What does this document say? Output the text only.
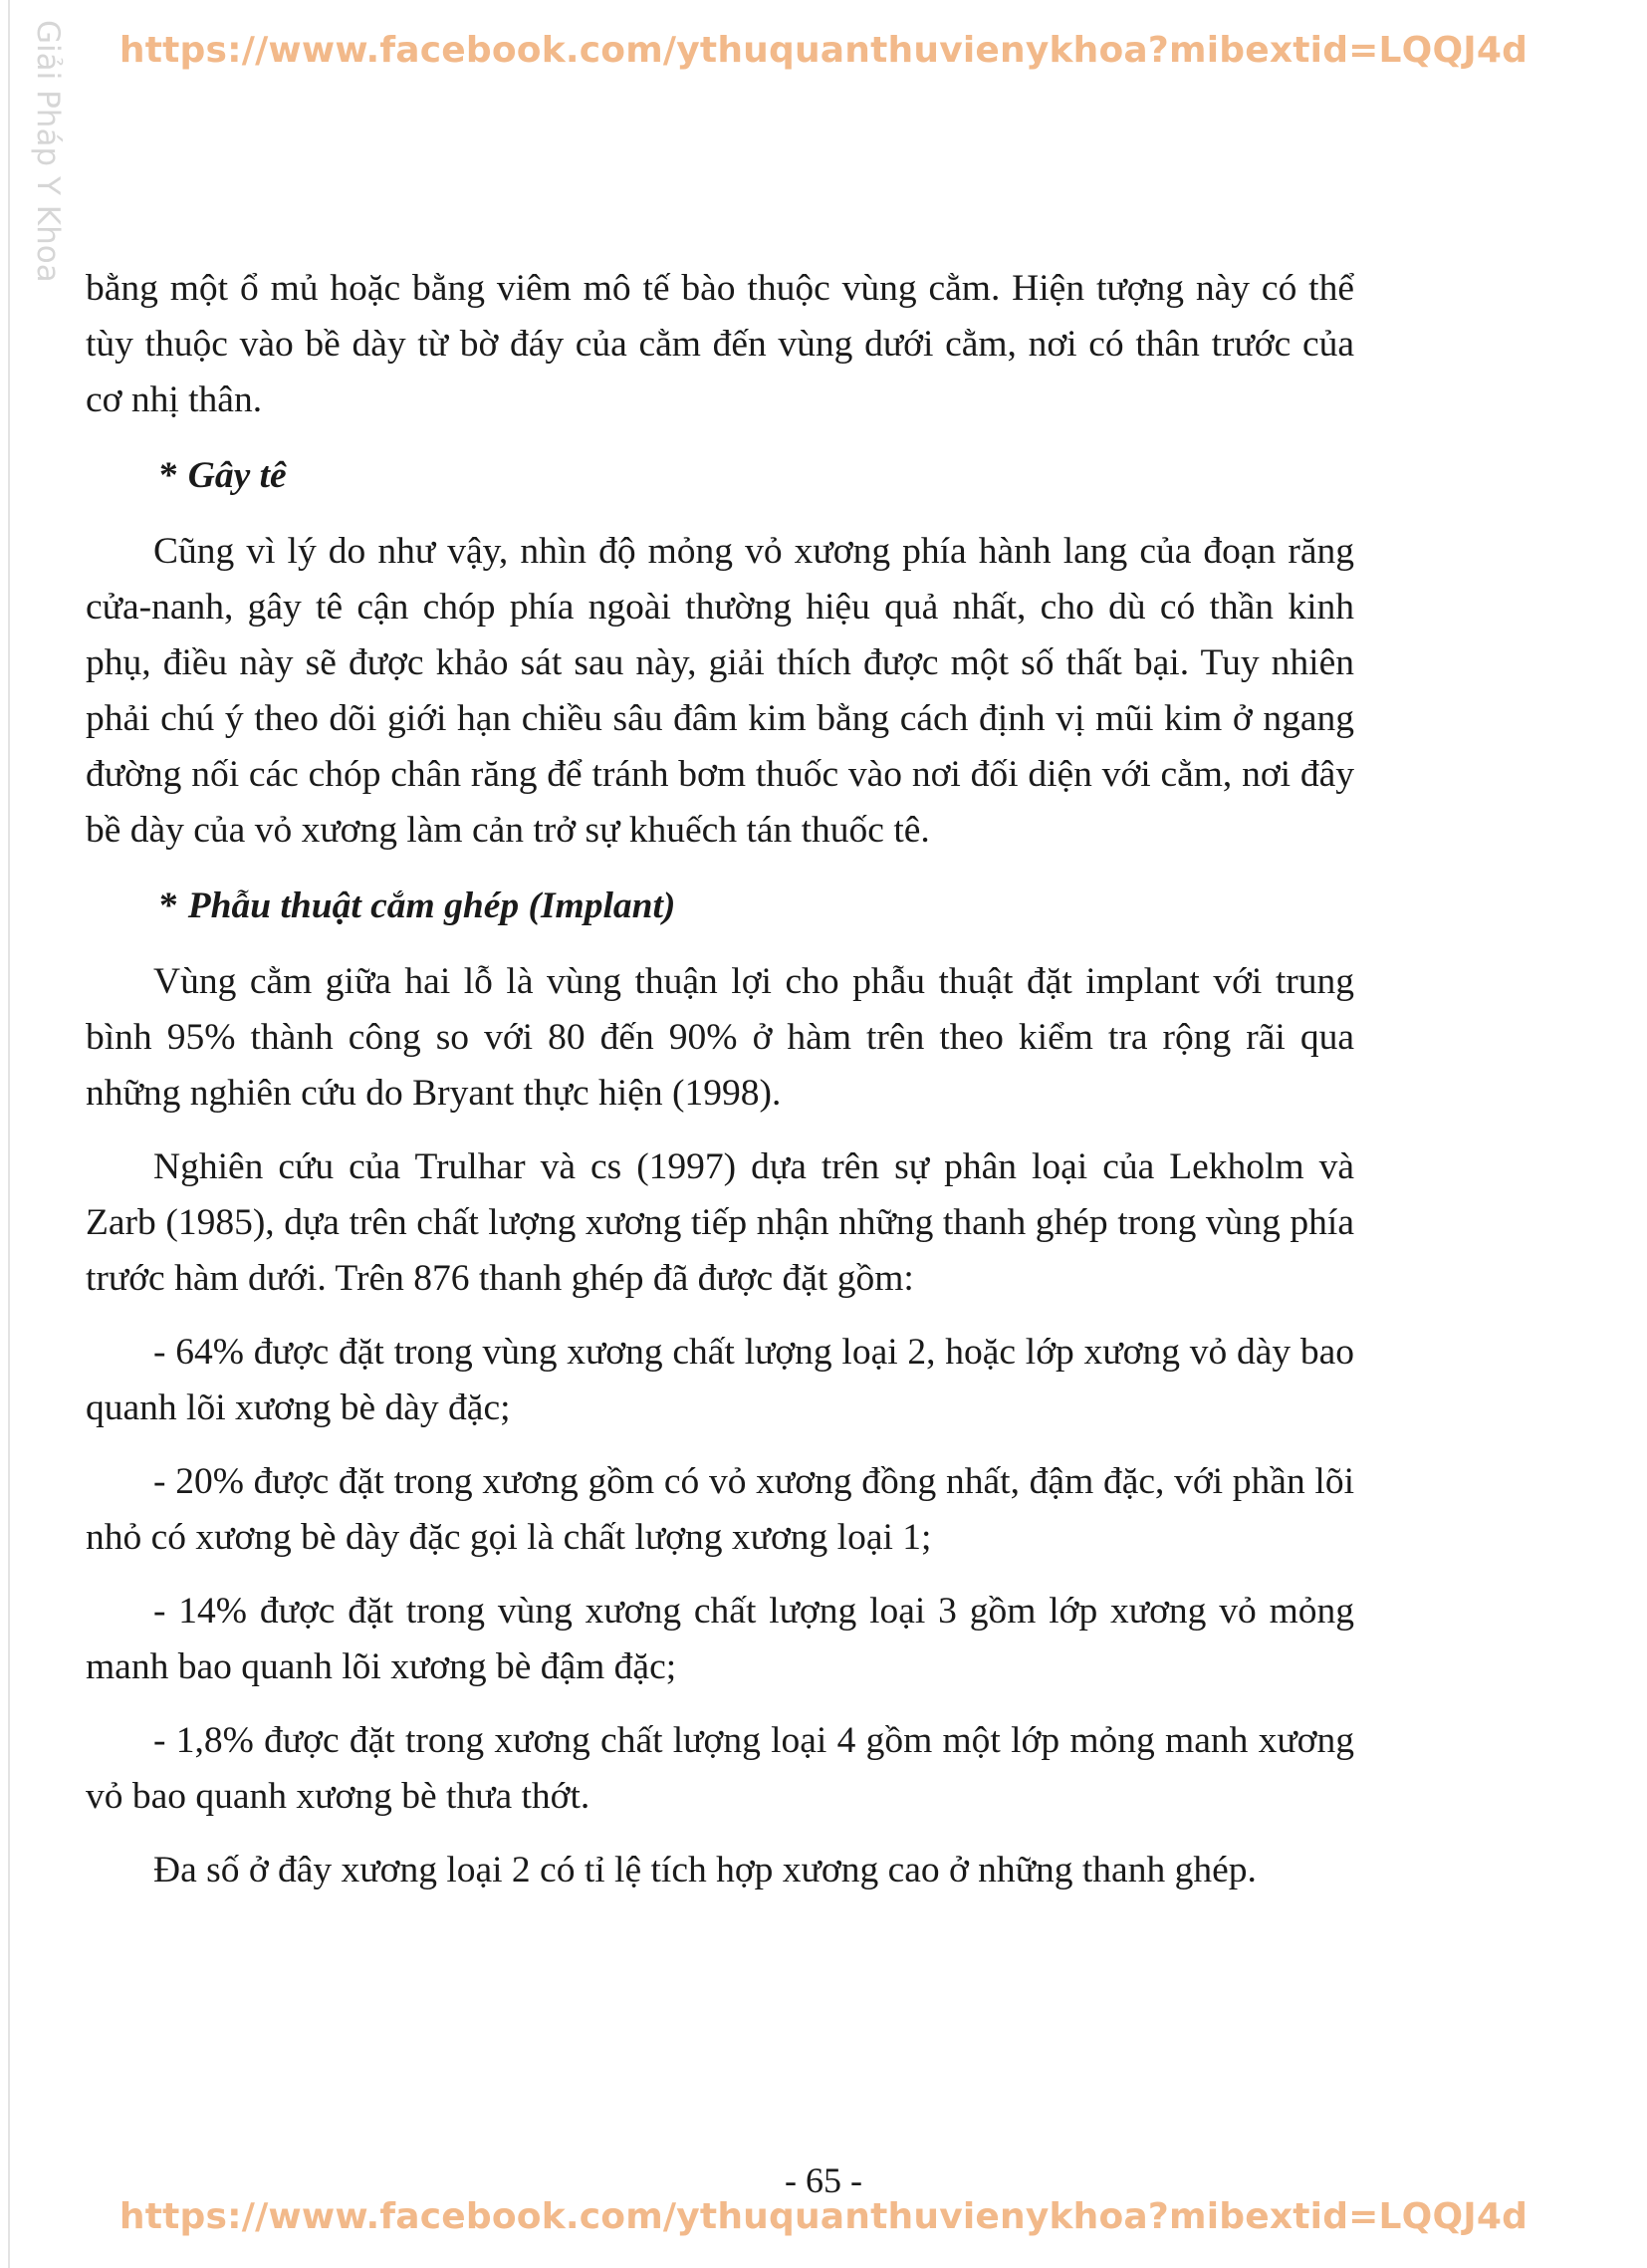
https://www.facebook.com/ythuquanthuvienykhoa?mibextid=LQQJ4d
Giải Pháp Y Khoa

bằng một ổ mủ hoặc bằng viêm mô tế bào thuộc vùng cằm. Hiện tượng này có thể tùy thuộc vào bề dày từ bờ đáy của cằm đến vùng dưới cằm, nơi có thân trước của cơ nhị thân.

* Gây tê

Cũng vì lý do như vậy, nhìn độ mỏng vỏ xương phía hành lang của đoạn răng cửa-nanh, gây tê cận chóp phía ngoài thường hiệu quả nhất, cho dù có thần kinh phụ, điều này sẽ được khảo sát sau này, giải thích được một số thất bại. Tuy nhiên phải chú ý theo dõi giới hạn chiều sâu đâm kim bằng cách định vị mũi kim ở ngang đường nối các chóp chân răng để tránh bơm thuốc vào nơi đối diện với cằm, nơi đây bề dày của vỏ xương làm cản trở sự khuếch tán thuốc tê.

* Phẫu thuật cắm ghép (Implant)

Vùng cằm giữa hai lỗ là vùng thuận lợi cho phẫu thuật đặt implant với trung bình 95% thành công so với 80 đến 90% ở hàm trên theo kiểm tra rộng rãi qua những nghiên cứu do Bryant thực hiện (1998).

Nghiên cứu của Trulhar và cs (1997) dựa trên sự phân loại của Lekholm và Zarb (1985), dựa trên chất lượng xương tiếp nhận những thanh ghép trong vùng phía trước hàm dưới. Trên 876 thanh ghép đã được đặt gồm:

- 64% được đặt trong vùng xương chất lượng loại 2, hoặc lớp xương vỏ dày bao quanh lõi xương bè dày đặc;

- 20% được đặt trong xương gồm có vỏ xương đồng nhất, đậm đặc, với phần lõi nhỏ có xương bè dày đặc gọi là chất lượng xương loại 1;

- 14% được đặt trong vùng xương chất lượng loại 3 gồm lớp xương vỏ mỏng manh bao quanh lõi xương bè đậm đặc;

- 1,8% được đặt trong xương chất lượng loại 4 gồm một lớp mỏng manh xương vỏ bao quanh xương bè thưa thớt.

Đa số ở đây xương loại 2 có tỉ lệ tích hợp xương cao ở những thanh ghép.

- 65 -
https://www.facebook.com/ythuquanthuvienykhoa?mibextid=LQQJ4d
